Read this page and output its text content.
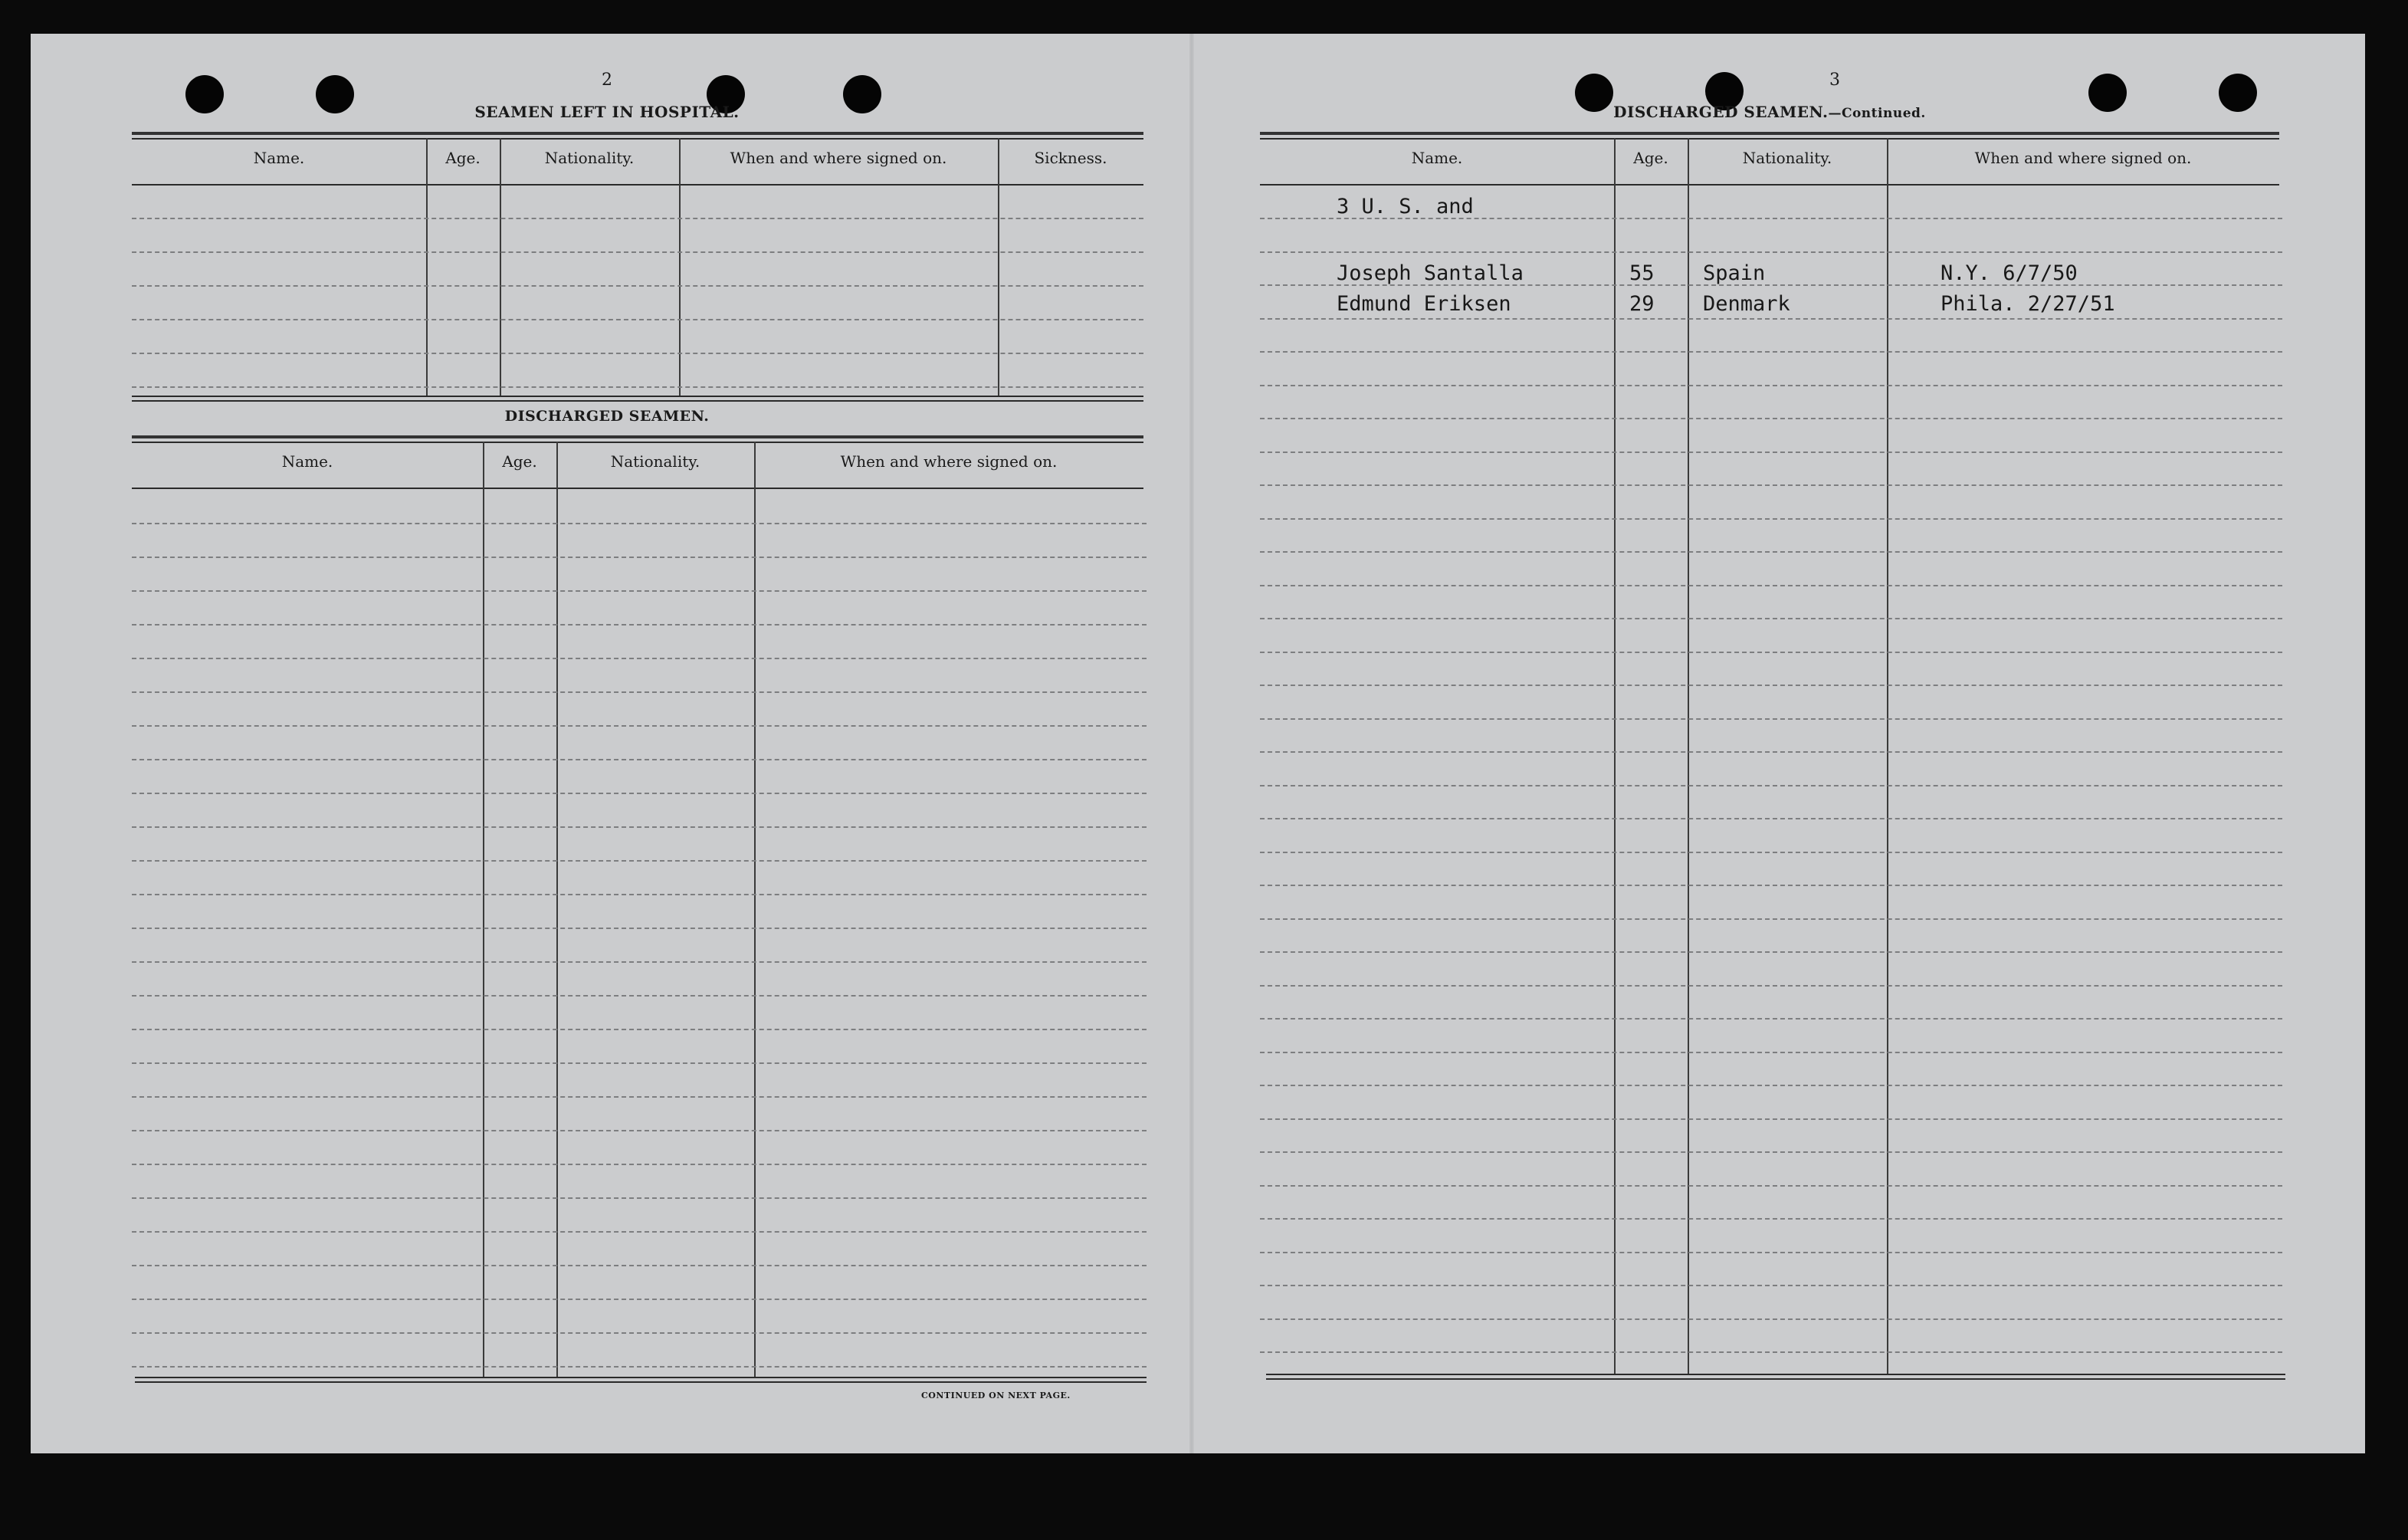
2
SEAMEN LEFT IN HOSPITAL.
Name.	Age.	Nationality.	When and where signed on.	Sickness.
DISCHARGED SEAMEN.
Name.	Age.	Nationality.	When and where signed on.
CONTINUED ON NEXT PAGE.
3
DISCHARGED SEAMEN.—Continued.
Name.	Age.	Nationality.	When and where signed on.
3 U. S. and
Joseph Santalla	55 Spain	N.Y. 6/7/50
Edmund Eriksen	29 Denmark	Phila. 2/27/51
